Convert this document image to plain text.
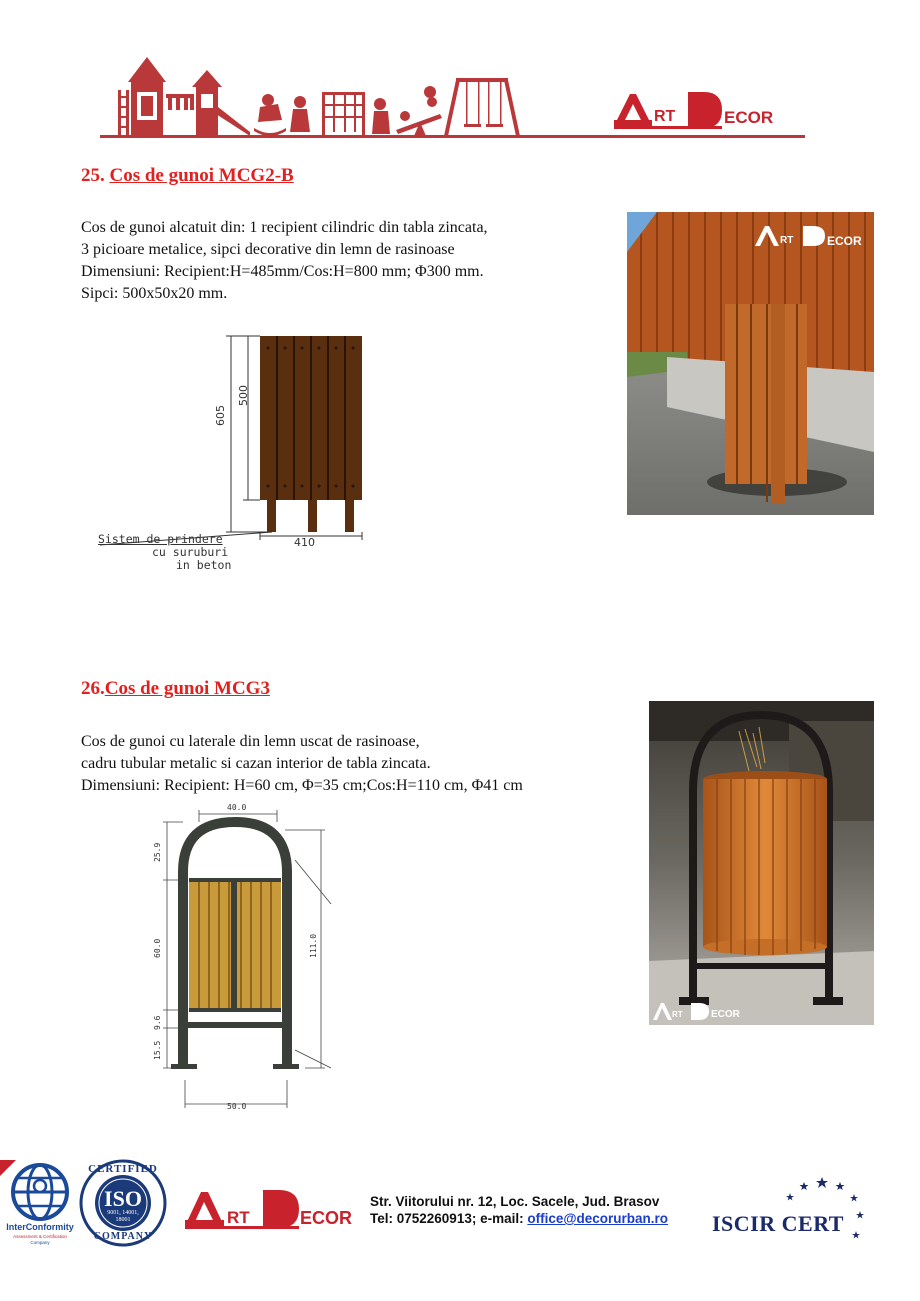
RT	ECOR
25. Cos de gunoi MCG2-B
Cos de gunoi alcatuit din: 1 recipient cilindric din tabla zincata,
3 picioare metalice, sipci decorative din lemn de rasinoase
Dimensiuni: Recipient:H=485mm/Cos:H=800 mm; Φ300 mm.
Sipci: 500x50x20 mm.
605
500
410
Sistem de prindere
cu suruburi
in beton
RT	ECOR
26.Cos de gunoi MCG3
Cos de gunoi cu laterale din lemn uscat de rasinoase,
cadru tubular metalic si cazan interior de tabla zincata.
Dimensiuni: Recipient: H=60 cm, Φ=35 cm;Cos:H=110 cm, Φ41 cm
40.0
25.9
60.0
9.6
15.5
111.0
50.0
RT	ECOR
InterConformity
Assessment & Certification
Company
CERTIFIED
ISO
9001, 14001,
18001
COMPANY
RT	ECOR
Str. Viitorului nr. 12, Loc. Sacele, Jud. Brasov
Tel: 0752260913; e-mail: office@decorurban.ro ISCIR CERT
